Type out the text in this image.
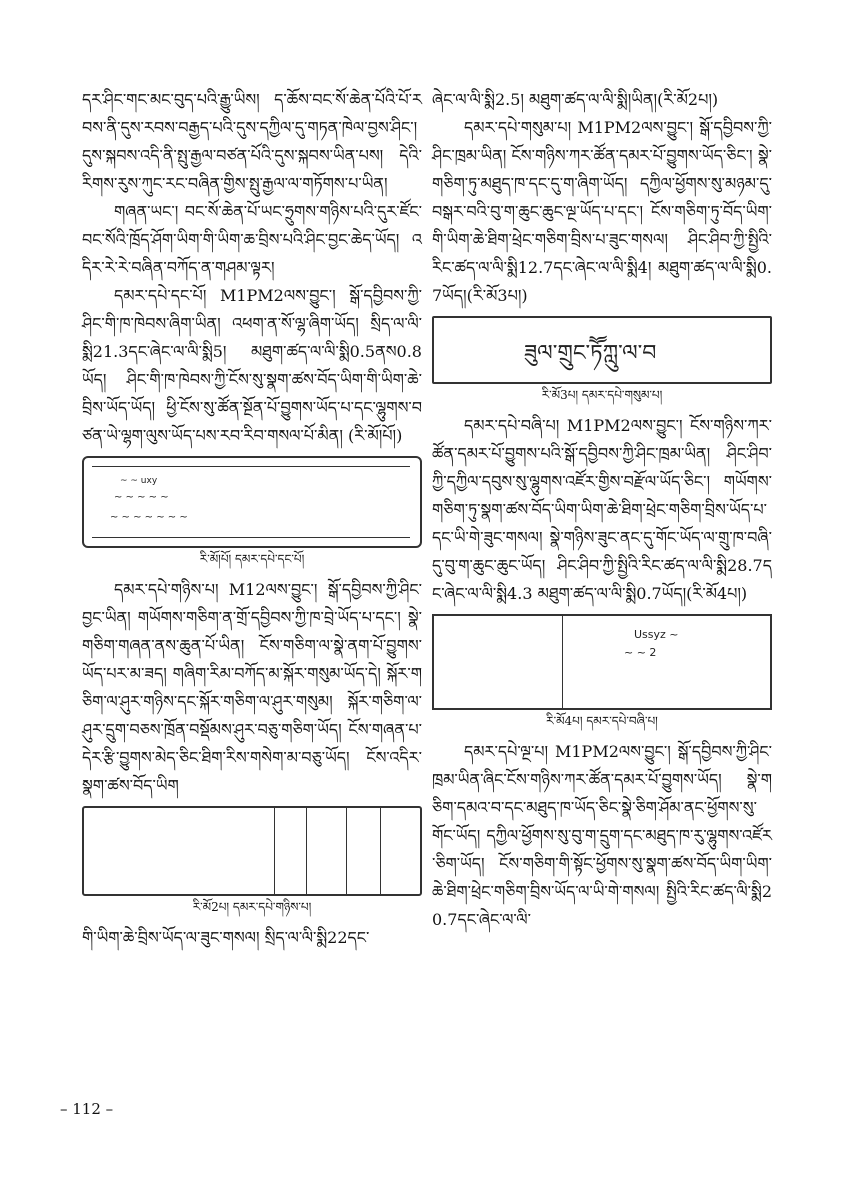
དར་ཤིང་གང་མང་བུད་པའི་རྒྱུ་ཡིས། ད་ཆོས་བང་སོ་ཆེན་པོའི་པོ་རབས་ནི་དུས་རབས་བརྒྱད་པའི་དུས་དཀྱིལ་དུ་གཏན་ཁེལ་བྱས་ཤིང་། དུས་སྐབས་འདི་ནི་སྤུ་རྒྱལ་བཙན་པོའི་དུས་སྐབས་ཡིན་པས། དེའི་རིགས་རུས་ཀུང་རང་བཞིན་གྱིས་སྤུ་རྒྱལ་ལ་གཏོགས་པ་ཡིན།

གཞན་ཡང་། བང་སོ་ཆེན་པོ་ཡང་ཧྲུགས་གཉིས་པའི་དུར་ཛོང་བང་སོའི་ཁྲོད་ཤོག་ཡིག་གི་ཡིག་ཆ་བྲིས་པའི་ཤིང་བྱང་ཆེད་ཡོད། འདིར་རེ་རེ་བཞིན་བཀོད་ན་གཤམ་ལྟར།

དམར་དཔེ་དང་པོ། M1PM2ལས་བྱུང་། སྒོ་དབྱིབས་ཀྱི་ཤིང་གི་ཁ་ཁེབས་ཞིག་ཡིན། འཕག་ན་སོ་ལྷ་ཞིག་ཡོད། སྲིད་ལ་ལི་སྨི21.3དང་ཞེང་ལ་ལི་སྨི5། མཐུག་ཚད་ལ་ལི་སྨི0.5ནས0.8ཡོད། ཤིང་གི་ཁ་ཁེབས་ཀྱི་ངོས་སུ་སྣག་ཚས་བོད་ཡིག་གི་ཡིག་ཆེ་བྲིས་ཡོད་ཡོད། ཕྱི་ངོས་སུ་ཚོན་སྔོན་པོ་བྱུགས་ཡོད་པ་དང་ལྷུགས་བཙན་ཡེ་ལྷག་ལུས་ཡོད་པས་རབ་རིབ་གསལ་པོ་མིན། (རི་མོ།པོ།)

~ ~ uxy
~ ~ ~ ~ ~
~ ~ ~ ~ ~ ~ ~

རི་མོ།པོ། དམར་དཔེ་དང་པོ།

དམར་དཔེ་གཉིས་པ། M12ལས་བྱུང་། སྒོ་དབྱིབས་ཀྱི་ཤིང་བྱང་ཡིན། གཡོགས་གཅིག་ན་གྲོ་དབྱིབས་ཀྱི་ཁ་བྲེ་ཡོད་པ་དང་། སྣེ་གཅིག་གཞན་ནས་ཆུན་པོ་ཡིན། ངོས་གཅིག་ལ་སྣེ་ནག་པོ་བྱུགས་ཡོད་པར་མ་ཟད། གཞིག་རིམ་བཀོད་མ་སྐོར་གསུམ་ཡོད་དེ། སྐོར་གཅིག་ལ་ཤུར་གཉིས་དང་སྐོར་གཅིག་ལ་ཤུར་གསུམ། སྐོར་གཅིག་ལ་ཤུར་དྲུག་བཅས་ཁྲོན་བསྡོམས་ཤུར་བཅུ་གཅིག་ཡོད། ངོས་གཞན་པ་དེར་རྩི་བྱུགས་མེད་ཅིང་ཐིག་རིས་གསེག་མ་བཅུ་ཡོད། ངོས་འདིར་སྣག་ཚས་བོད་ཡིག

རི་མོ2པ། དམར་དཔེ་གཉིས་པ།

གི་ཡིག་ཆེ་བྲིས་ཡོད་ལ་ཟུང་གསལ། སྲིད་ལ་ལི་སྨི22དང་

ཞེང་ལ་ལི་སྨི2.5། མཐུག་ཚད་ལ་ལི་སྨི།ཡིན།(རི་མོ2པ།)

དམར་དཔེ་གསུམ་པ། M1PM2ལས་བྱུང་། སྒོ་དབྱིབས་ཀྱི་ཤིང་ཁྲམ་ཡིན། ངོས་གཉིས་ཀར་ཚོན་དམར་པོ་བྱུགས་ཡོད་ཅིང་། སྣེ་གཅིག་ཏུ་མཐུད་ཁ་དང་དུ་ག་ཞིག་ཡོད། དཀྱིལ་ཕྱོགས་སུ་མཉམ་དུ་བསྒར་བའི་བུ་ག་ཆུང་ཆུང་ལྔ་ཡོད་པ་དང་། ངོས་གཅིག་ཏུ་བོད་ཡིག་གི་ཡིག་ཆེ་ཐིག་ཕྲེང་གཅིག་བྲིས་པ་ཟུང་གསལ། ཤིང་ཤིབ་ཀྱི་སྤྱིའི་རིང་ཚད་ལ་ལི་སྨི12.7དང་ཞེང་ལ་ལི་སྨི4། མཐུག་ཚད་ལ་ལི་སྨི0.7ཡོད།(རི་མོ3པ།)

ཟུལ་གྲུང་ཏཽཀླུ་ལ་བ

རི་མོ3པ། དམར་དཔེ་གསུམ་པ།

དམར་དཔེ་བཞི་པ། M1PM2ལས་བྱུང་། ངོས་གཉིས་ཀར་ཚོན་དམར་པོ་བྱུགས་པའི་སྒོ་དབྱིབས་ཀྱི་ཤིང་ཁྲམ་ཡིན། ཤིང་ཤིབ་ཀྱི་དཀྱིལ་དབུས་སུ་ལྷུགས་འཛོར་གྱིས་བརྫོལ་ཡོད་ཅིང་། གཡོགས་གཅིག་ཏུ་སྣག་ཚས་བོད་ཡིག་ཡིག་ཆེ་ཐིག་ཕྲེང་གཅིག་བྲིས་ཡོད་པ་དང་ཡི་གེ་ཟུང་གསལ། སྣེ་གཉིས་ཟུང་ནང་དུ་གོང་ཡོད་ལ་གྲུ་ཁ་བཞི་དུ་བུ་ག་ཆུང་ཆུང་ཡོད། ཤིང་ཤིབ་ཀྱི་སྤྱིའི་རིང་ཚད་ལ་ལི་སྨི28.7དང་ཞེང་ལ་ལི་སྨི4.3 མཐུག་ཚད་ལ་ལི་སྨི0.7ཡོད།(རི་མོ4པ།)

Ussyz ~
~ ~ 2

རི་མོ4པ། དམར་དཔེ་བཞི་པ།

དམར་དཔེ་ལྔ་པ། M1PM2ལས་བྱུང་། སྒོ་དབྱིབས་ཀྱི་ཤིང་ཁྲམ་ཡིན་ཞིང་ངོས་གཉིས་ཀར་ཚོན་དམར་པོ་བྱུགས་ཡོད། སྣེ་གཅིག་དམའ་བ་དང་མཐུད་ཁ་ཡོད་ཅིང་སྣེ་ཅིག་ཤོམ་ནང་ཕྱོགས་སུ་གོང་ཡོད། དཀྱིལ་ཕྱོགས་སུ་བུ་ག་དྲུག་དང་མཐུད་ཁ་རུ་ལྷུགས་འཛོར་ཅིག་ཡོད། ངོས་གཅིག་གི་སྟོང་ཕྱོགས་སུ་སྣག་ཚས་བོད་ཡིག་ཡིག་ཆེ་ཐིག་ཕྲེང་གཅིག་བྲིས་ཡོད་ལ་ཡི་གེ་གསལ། སྤྱིའི་རིང་ཚད་ལི་སྨི20.7དང་ཞེང་ལ་ལི་

– 112 –
